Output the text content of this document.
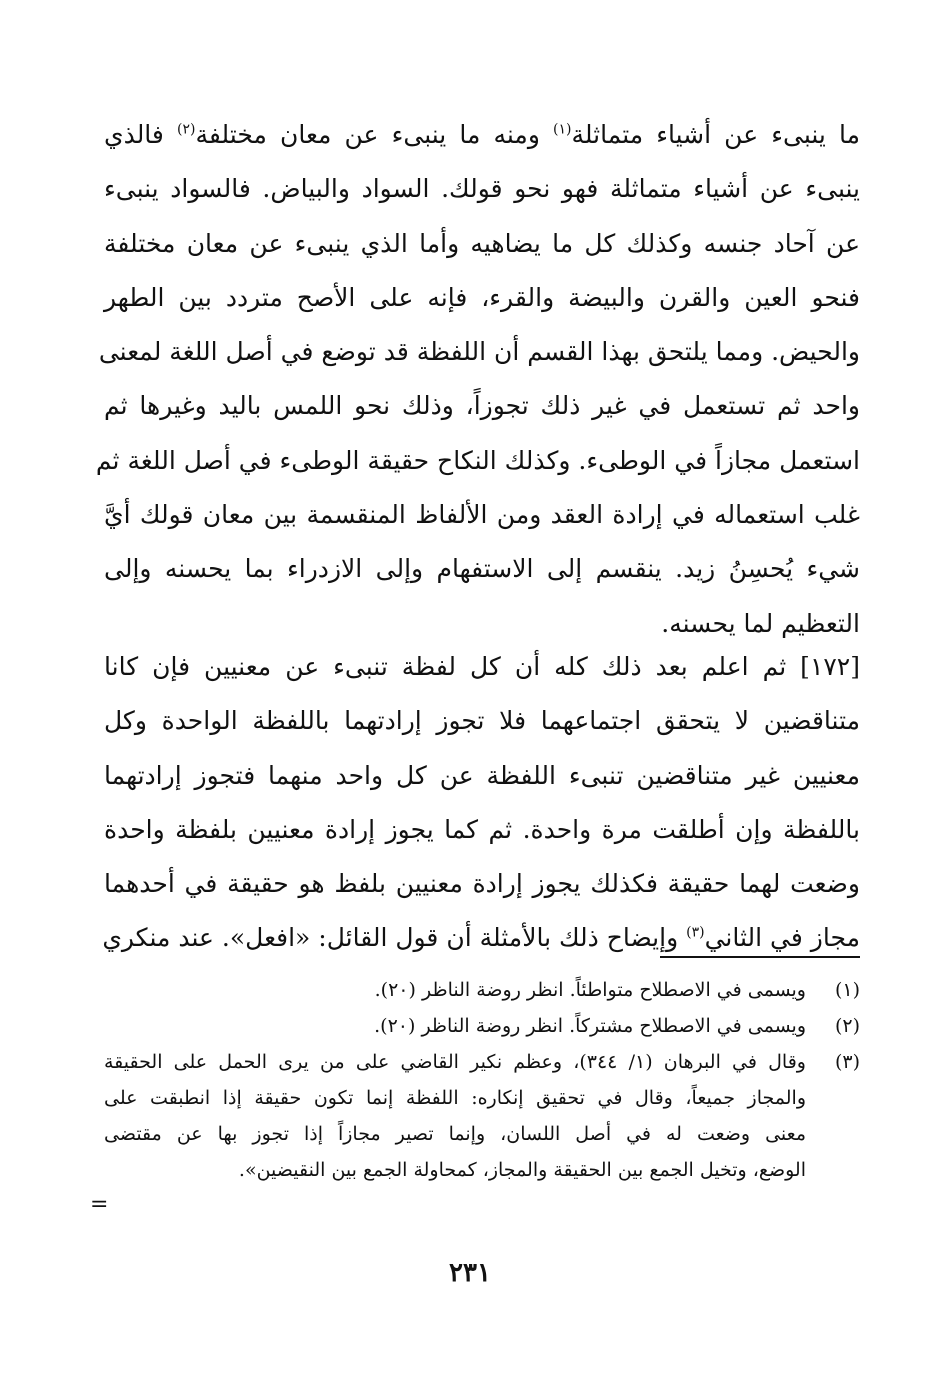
ما ينبىء عن أشياء متماثلة$^{(١)}$ ومنه ما ينبىء عن معان مختلفة$^{(٢)}$ فالذي
ينبىء عن أشياء متماثلة فهو نحو قولك. السواد والبياض. فالسواد ينبىء
عن آحاد جنسه وكذلك كل ما يضاهيه وأما الذي ينبىء عن معان مختلفة
فنحو العين والقرن والبيضة والقرء، فإنه على الأصح متردد بين الطهر
والحيض. ومما يلتحق بهذا القسم أن اللفظة قد توضع في أصل اللغة لمعنى
واحد ثم تستعمل في غير ذلك تجوزاً، وذلك نحو اللمس باليد وغيرها ثم
استعمل مجازاً في الوطىء. وكذلك النكاح حقيقة الوطىء في أصل اللغة ثم
غلب استعماله في إرادة العقد ومن الألفاظ المنقسمة بين معان قولك أيَّ
شيء يُحسِنُ زيد. ينقسم إلى الاستفهام وإلى الازدراء بما يحسنه وإلى
التعظيم لما يحسنه.
[١٧٢] ثم اعلم بعد ذلك كله أن كل لفظة تنبىء عن معنيين فإن كانا
متناقضين لا يتحقق اجتماعهما فلا تجوز إرادتهما باللفظة الواحدة وكل
معنيين غير متناقضين تنبىء اللفظة عن كل واحد منهما فتجوز إرادتهما
باللفظة وإن أطلقت مرة واحدة. ثم كما يجوز إرادة معنيين بلفظة واحدة
وضعت لهما حقيقة فكذلك يجوز إرادة معنيين بلفظ هو حقيقة في أحدهما
مجاز في الثاني$^{(٣)}$ وإيضاح ذلك بالأمثلة أن قول القائل: «افعل». عند منكري
(١)
ويسمى في الاصطلاح متواطئاً. انظر روضة الناظر (٢٠).
(٢)
ويسمى في الاصطلاح مشتركاً. انظر روضة الناظر (٢٠).
(٣)
وقال في البرهان (١/ ٣٤٤)، وعظم نكير القاضي على من يرى الحمل على الحقيقة
والمجاز جميعاً، وقال في تحقيق إنكاره: اللفظة إنما تكون حقيقة إذا انطبقت على
معنى وضعت له في أصل اللسان، وإنما تصير مجازاً إذا تجوز بها عن مقتضى
الوضع، وتخيل الجمع بين الحقيقة والمجاز، كمحاولة الجمع بين النقيضين».
=
٢٣١
